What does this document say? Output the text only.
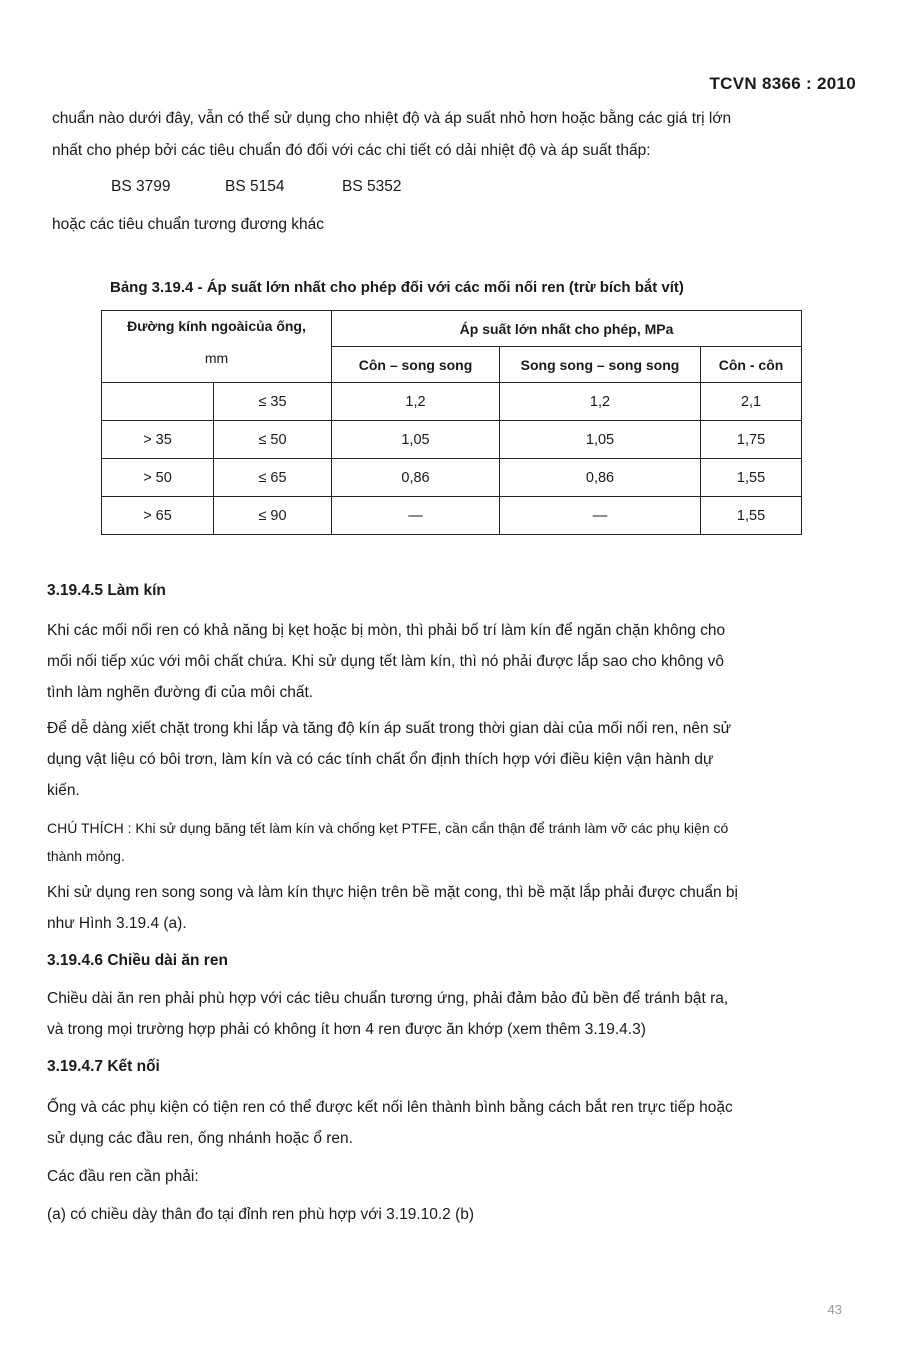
TCVN 8366 : 2010
chuẩn nào dưới đây, vẫn có thể sử dụng cho nhiệt độ và áp suất nhỏ hơn hoặc bằng các giá trị lớn
nhất cho phép bởi các tiêu chuẩn đó đối với các chi tiết có dải nhiệt độ và áp suất thấp:
BS 3799	BS 5154	BS 5352
hoặc các tiêu chuẩn tương đương khác
Bảng 3.19.4 - Áp suất lớn nhất cho phép đối với các mối nối ren (trừ bích bắt vít)
Đường kính ngoàicủa ống,
mm		Áp suất lớn nhất cho phép, MPa		
		Côn – song song	Song song – song song	Côn - côn
	≤ 35	1,2	1,2	2,1
> 35	≤ 50	1,05	1,05	1,75
> 50	≤ 65	0,86	0,86	1,55
> 65	≤ 90	—	—	1,55
3.19.4.5 Làm kín
Khi các mối nối ren có khả năng bị kẹt hoặc bị mòn, thì phải bố trí làm kín để ngăn chặn không cho
mối nối tiếp xúc với môi chất chứa. Khi sử dụng tết làm kín, thì nó phải được lắp sao cho không vô
tình làm nghẽn đường đi của môi chất.
Để dễ dàng xiết chặt trong khi lắp và tăng độ kín áp suất trong thời gian dài của mối nối ren, nên sử
dụng vật liệu có bôi trơn, làm kín và có các tính chất ổn định thích hợp với điều kiện vận hành dự
kiến.
CHÚ THÍCH : Khi sử dụng băng tết làm kín và chống kẹt PTFE, cần cẩn thận để tránh làm vỡ các phụ kiện có
thành mỏng.
Khi sử dụng ren song song và làm kín thực hiện trên bề mặt cong, thì bề mặt lắp phải được chuẩn bị
như Hình 3.19.4 (a).
3.19.4.6 Chiều dài ăn ren
Chiều dài ăn ren phải phù hợp với các tiêu chuẩn tương ứng, phải đảm bảo đủ bền để tránh bật ra,
và trong mọi trường hợp phải có không ít hơn 4 ren được ăn khớp (xem thêm 3.19.4.3)
3.19.4.7 Kết nối
Ống và các phụ kiện có tiện ren có thể được kết nối lên thành bình bằng cách bắt ren trực tiếp hoặc
sử dụng các đầu ren, ống nhánh hoặc ổ ren.
Các đầu ren cần phải:
(a) có chiều dày thân đo tại đỉnh ren phù hợp với 3.19.10.2 (b)
43
